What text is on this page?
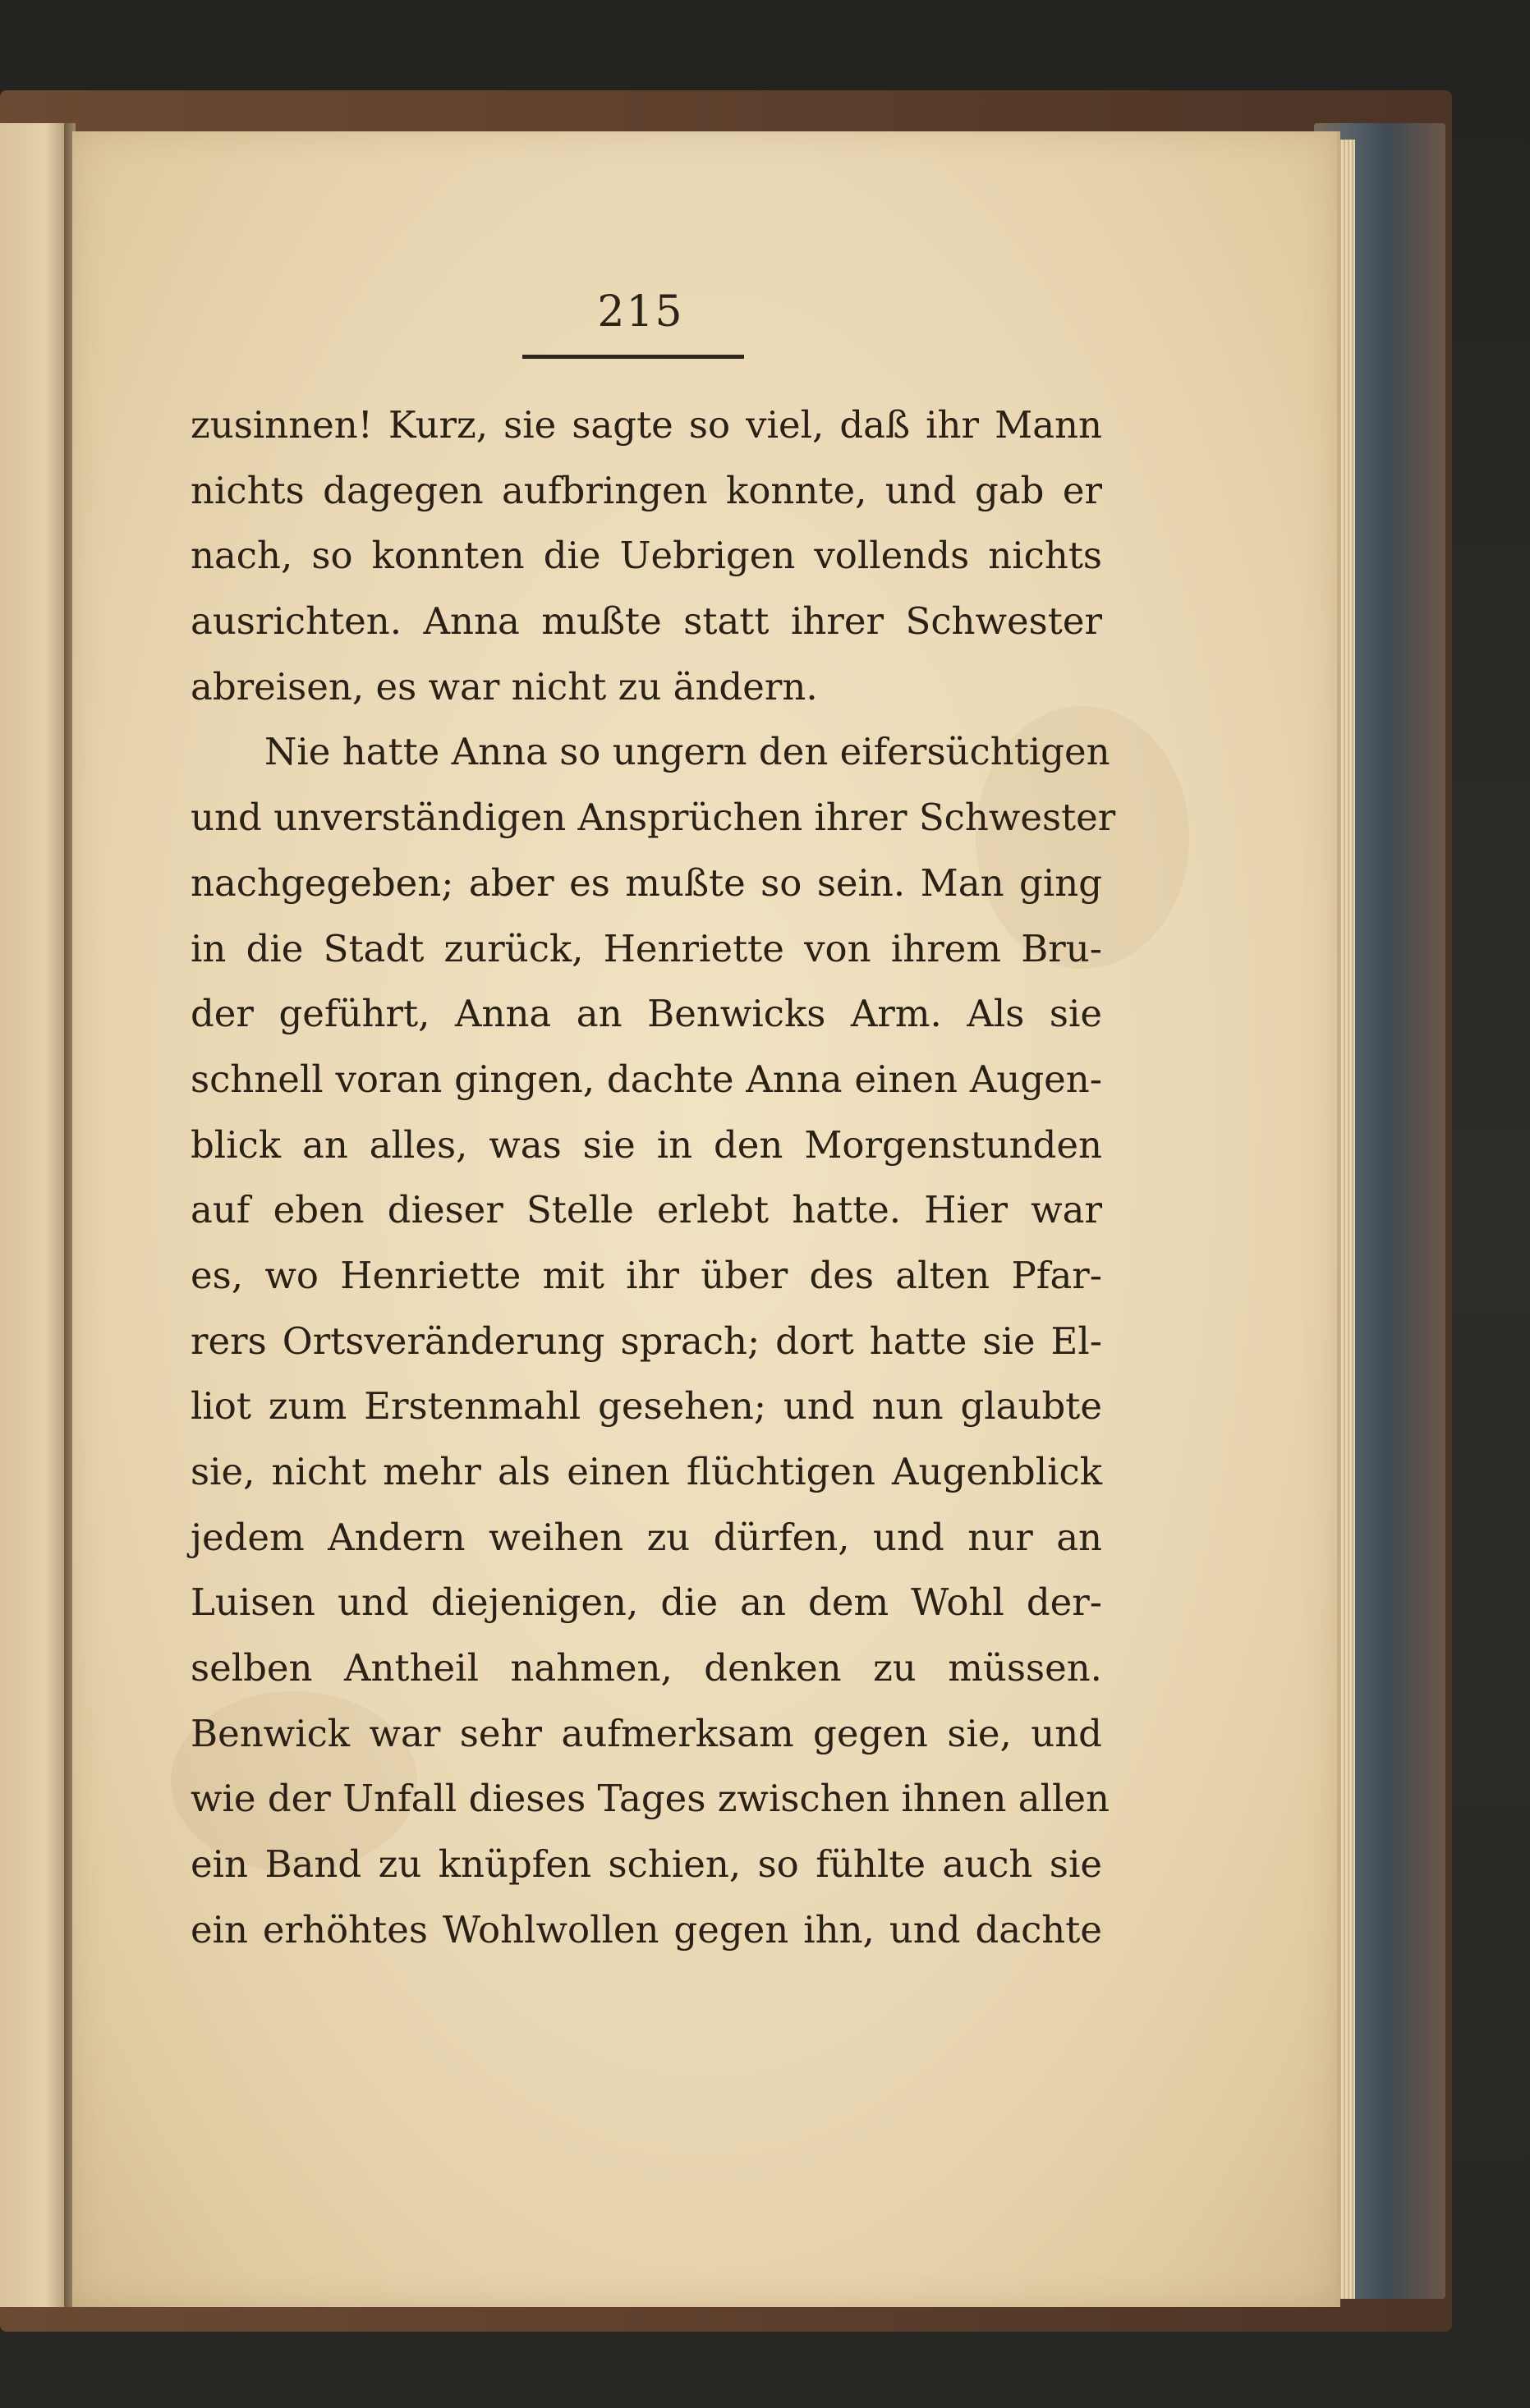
215
zusinnen! Kurz, sie sagte so viel, daß ihr Mann
nichts dagegen aufbringen konnte, und gab er
nach, so konnten die Uebrigen vollends nichts
ausrichten. Anna mußte statt ihrer Schwester
abreisen, es war nicht zu ändern.
Nie hatte Anna so ungern den eifersüchtigen
und unverständigen Ansprüchen ihrer Schwester
nachgegeben; aber es mußte so sein. Man ging
in die Stadt zurück, Henriette von ihrem Bru-
der geführt, Anna an Benwicks Arm. Als sie
schnell voran gingen, dachte Anna einen Augen-
blick an alles, was sie in den Morgenstunden
auf eben dieser Stelle erlebt hatte. Hier war
es, wo Henriette mit ihr über des alten Pfar-
rers Ortsveränderung sprach; dort hatte sie El-
liot zum Erstenmahl gesehen; und nun glaubte
sie, nicht mehr als einen flüchtigen Augenblick
jedem Andern weihen zu dürfen, und nur an
Luisen und diejenigen, die an dem Wohl der-
selben Antheil nahmen, denken zu müssen.
Benwick war sehr aufmerksam gegen sie, und
wie der Unfall dieses Tages zwischen ihnen allen
ein Band zu knüpfen schien, so fühlte auch sie
ein erhöhtes Wohlwollen gegen ihn, und dachte
